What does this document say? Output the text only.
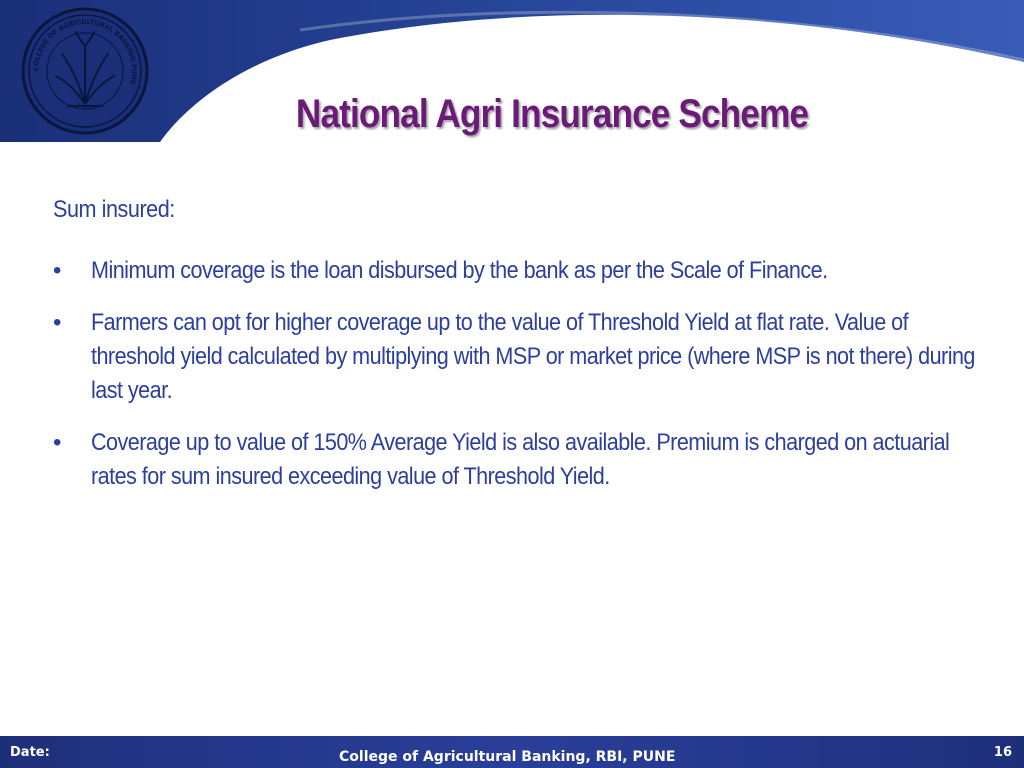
COLLEGE OF AGRICULTURAL BANKING PUNE
National Agri Insurance Scheme
Sum insured:
• Minimum coverage is the loan disbursed by the bank as per the Scale of Finance.
• Farmers can opt for higher coverage up to the value of Threshold Yield at flat rate. Value of threshold yield calculated by multiplying with MSP or market price (where MSP is not there) during last year.
• Coverage up to value of 150% Average Yield is also available. Premium is charged on actuarial rates for sum insured exceeding value of Threshold Yield.
Date:	College of Agricultural Banking, RBI, PUNE	16
